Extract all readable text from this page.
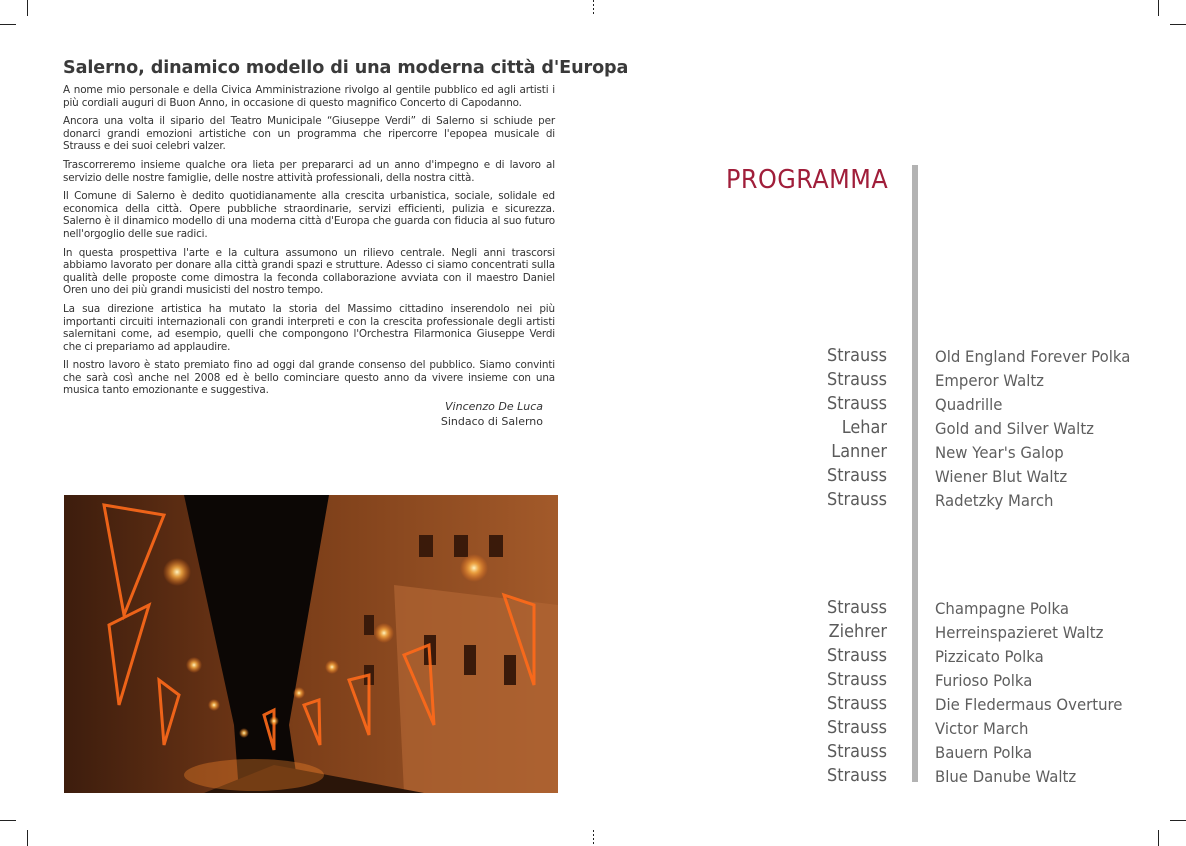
Salerno, dinamico modello di una moderna città d'Europa

A nome mio personale e della Civica Amministrazione rivolgo al gentile pubblico ed agli artisti i più cordiali auguri di Buon Anno, in occasione di questo magnifico Concerto di Capodanno.

Ancora una volta il sipario del Teatro Municipale “Giuseppe Verdi” di Salerno si schiude per donarci grandi emozioni artistiche con un programma che ripercorre l'epopea musicale di Strauss e dei suoi celebri valzer.

Trascorreremo insieme qualche ora lieta per prepararci ad un anno d'impegno e di lavoro al servizio delle nostre famiglie, delle nostre attività professionali, della nostra città.

Il Comune di Salerno è dedito quotidianamente alla crescita urbanistica, sociale, solidale ed economica della città. Opere pubbliche straordinarie, servizi efficienti, pulizia e sicurezza. Salerno è il dinamico modello di una moderna città d'Europa che guarda con fiducia al suo futuro nell'orgoglio delle sue radici.

In questa prospettiva l'arte e la cultura assumono un rilievo centrale. Negli anni trascorsi abbiamo lavorato per donare alla città grandi spazi e strutture. Adesso ci siamo concentrati sulla qualità delle proposte come dimostra la feconda collaborazione avviata con il maestro Daniel Oren uno dei più grandi musicisti del nostro tempo.

La sua direzione artistica ha mutato la storia del Massimo cittadino inserendolo nei più importanti circuiti internazionali con grandi interpreti e con la crescita professionale degli artisti salernitani come, ad esempio, quelli che compongono l'Orchestra Filarmonica Giuseppe Verdi che ci prepariamo ad applaudire.

Il nostro lavoro è stato premiato fino ad oggi dal grande consenso del pubblico. Siamo convinti che sarà così anche nel 2008 ed è bello cominciare questo anno da vivere insieme con una musica tanto emozionante e suggestiva.

Vincenzo De Luca
Sindaco di Salerno
PROGRAMMA
Strauss	Old England Forever Polka
Strauss	Emperor Waltz
Strauss	Quadrille
Lehar	Gold and Silver Waltz
Lanner	New Year's Galop
Strauss	Wiener Blut Waltz
Strauss	Radetzky March
Strauss	Champagne Polka
Ziehrer	Herreinspazieret Waltz
Strauss	Pizzicato Polka
Strauss	Furioso Polka
Strauss	Die Fledermaus Overture
Strauss	Victor March
Strauss	Bauern Polka
Strauss	Blue Danube Waltz
